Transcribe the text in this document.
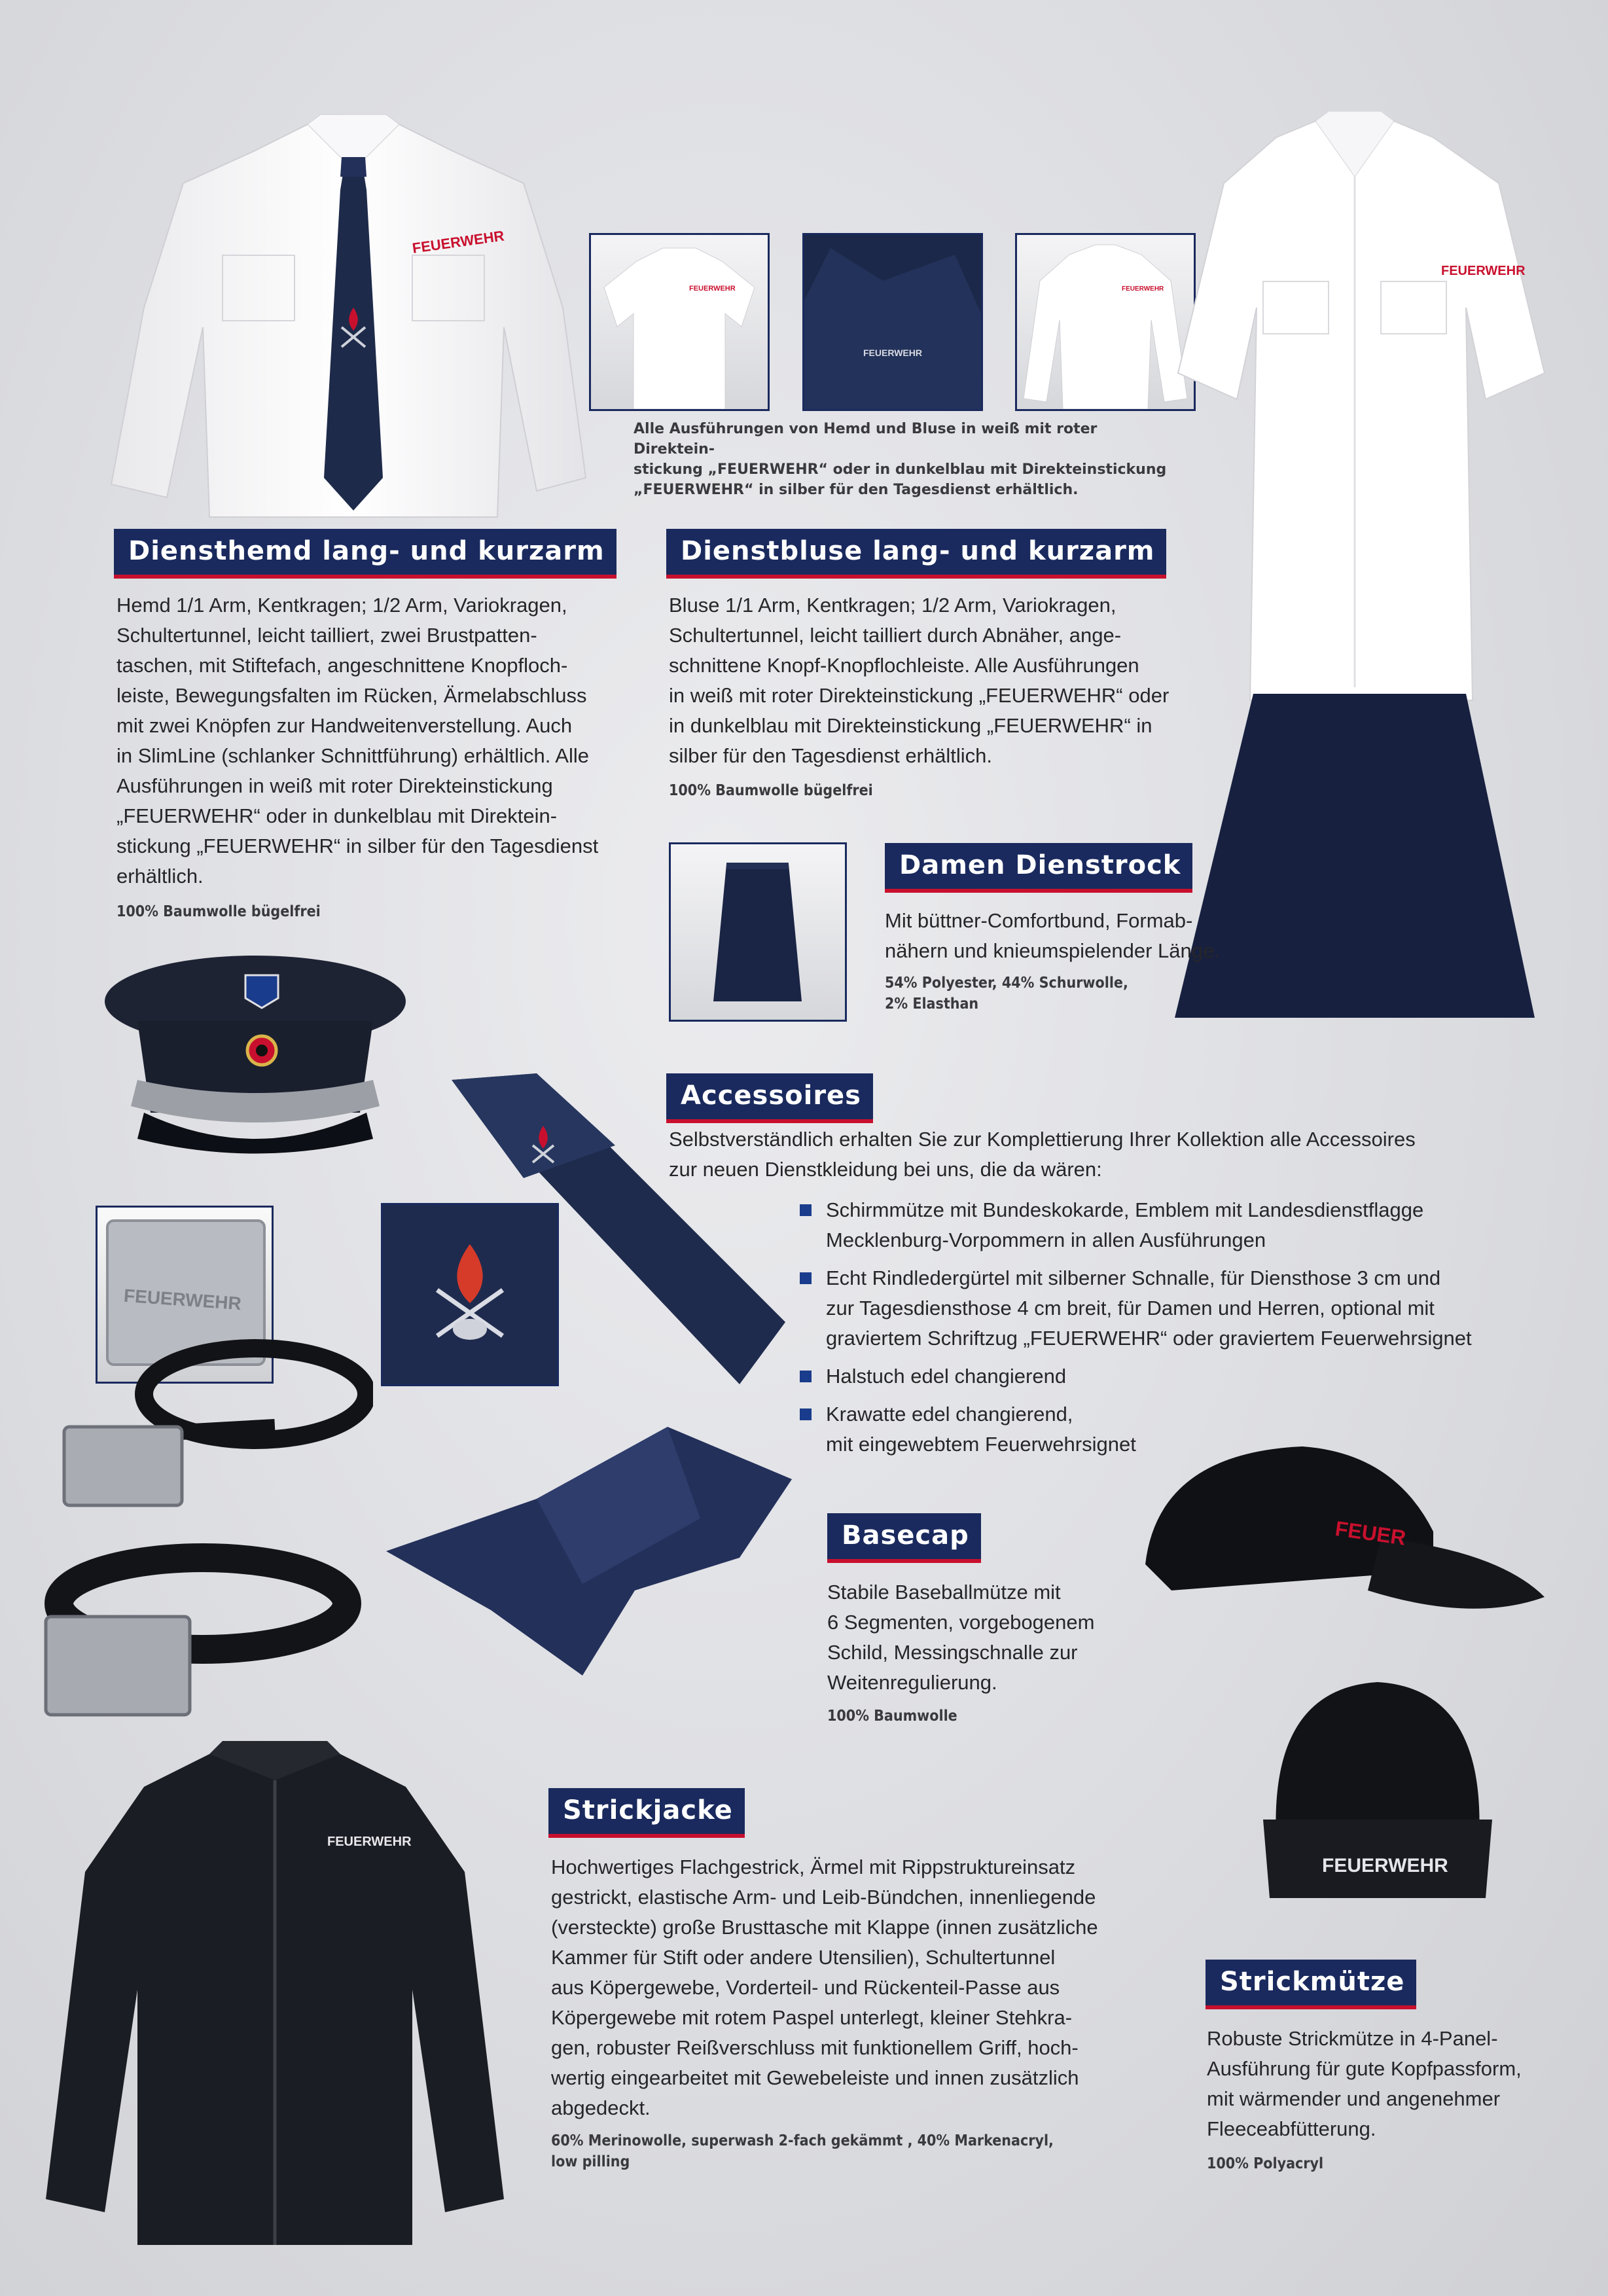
FEUERWEHR
FEUERWEHR
FEUERWEHR
FEUERWEHR
Alle Ausführungen von Hemd und Bluse in weiß mit roter Direktein-
stickung „FEUERWEHR“ oder in dunkelblau mit Direkteinstickung
„FEUERWEHR“ in silber für den Tagesdienst erhältlich.
FEUERWEHR
Diensthemd lang- und kurzarm

Hemd 1/1 Arm, Kentkragen; 1/2 Arm, Variokragen,

Schultertunnel, leicht tailliert, zwei Brustpatten-

taschen, mit Stiftefach, angeschnittene Knopfloch-

leiste, Bewegungsfalten im Rücken, Ärmelabschluss

mit zwei Knöpfen zur Handweitenverstellung. Auch

in SlimLine (schlanker Schnittführung) erhältlich. Alle

Ausführungen in weiß mit roter Direkteinstickung

„FEUERWEHR“ oder in dunkelblau mit Direktein-

stickung „FEUERWEHR“ in silber für den Tagesdienst

erhältlich.

100% Baumwolle bügelfrei
Dienstbluse lang- und kurzarm

Bluse 1/1 Arm, Kentkragen; 1/2 Arm, Variokragen,

Schultertunnel, leicht tailliert durch Abnäher, ange-

schnittene Knopf-Knopflochleiste. Alle Ausführungen

in weiß mit roter Direkteinstickung „FEUERWEHR“ oder

in dunkelblau mit Direkteinstickung „FEUERWEHR“ in

silber für den Tagesdienst erhältlich.

100% Baumwolle bügelfrei
Damen Dienstrock

Mit büttner-Comfortbund, Formab-

nähern und knieumspielender Länge.

54% Polyester, 44% Schurwolle,
2% Elasthan
FEUERWEHR
Accessoires

Selbstverständlich erhalten Sie zur Komplettierung Ihrer Kollektion alle Accessoires

zur neuen Dienstkleidung bei uns, die da wären:

Schirmmütze mit Bundeskokarde, Emblem mit Landesdienstflagge

Mecklenburg-Vorpommern in allen Ausführungen

Echt Rindledergürtel mit silberner Schnalle, für Diensthose 3 cm und

zur Tagesdiensthose 4 cm breit, für Damen und Herren, optional mit

graviertem Schriftzug „FEUERWEHR“ oder graviertem Feuerwehrsignet

Halstuch edel changierend

Krawatte edel changierend,

mit eingewebtem Feuerwehrsignet

Basecap

Stabile Baseballmütze mit

6 Segmenten, vorgebogenem

Schild, Messingschnalle zur

Weitenregulierung.

100% Baumwolle
FEUER
FEUERWEHR
Strickjacke

Hochwertiges Flachgestrick, Ärmel mit Rippstruktureinsatz

gestrickt, elastische Arm- und Leib-Bündchen, innenliegende

(versteckte) große Brusttasche mit Klappe (innen zusätzliche

Kammer für Stift oder andere Utensilien), Schultertunnel

aus Köpergewebe, Vorderteil- und Rückenteil-Passe aus

Köpergewebe mit rotem Paspel unterlegt, kleiner Stehkra-

gen, robuster Reißverschluss mit funktionellem Griff, hoch-

wertig eingearbeitet mit Gewebeleiste und innen zusätzlich

abgedeckt.

60% Merinowolle, superwash 2-fach gekämmt , 40% Markenacryl,
low pilling
FEUERWEHR
Strickmütze

Robuste Strickmütze in 4-Panel-

Ausführung für gute Kopfpassform,

mit wärmender und angenehmer

Fleeceabfütterung.

100% Polyacryl
